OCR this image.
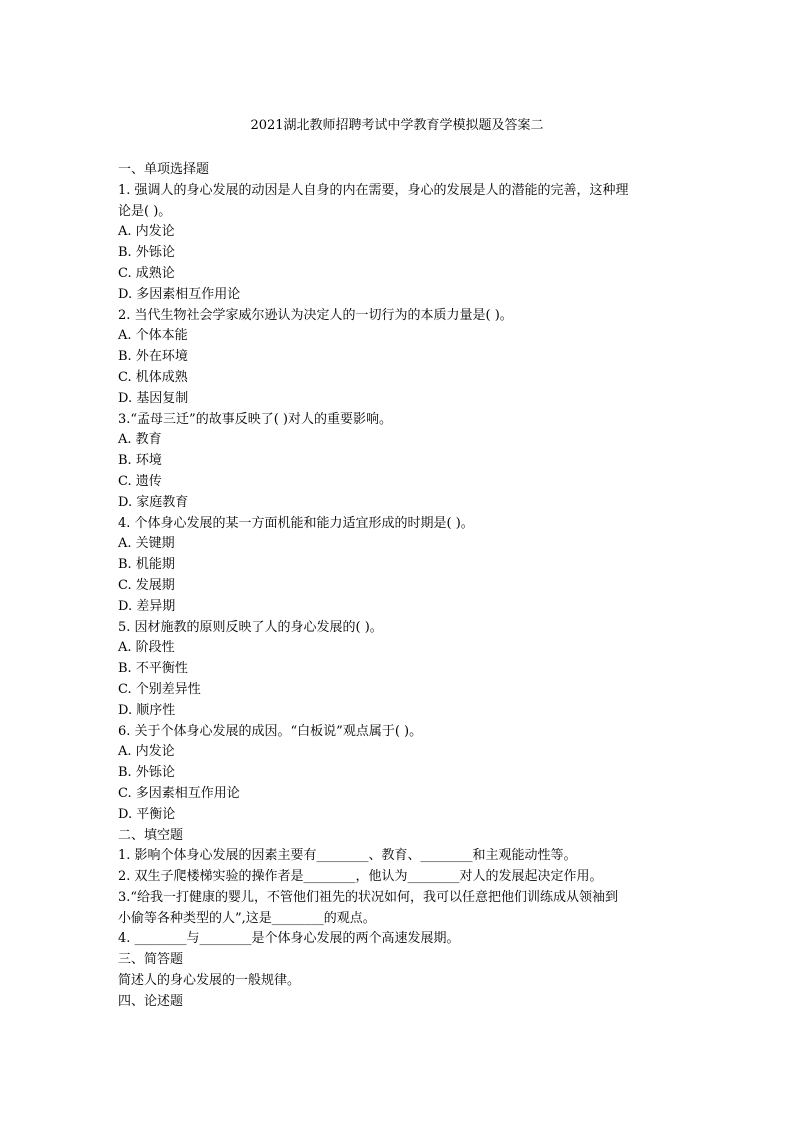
2021湖北教师招聘考试中学教育学模拟题及答案二
一、单项选择题
1. 强调人的身心发展的动因是人自身的内在需要，身心的发展是人的潜能的完善，这种理
论是( )。
A. 内发论
B. 外铄论
C. 成熟论
D. 多因素相互作用论
2. 当代生物社会学家威尔逊认为决定人的一切行为的本质力量是( )。
A. 个体本能
B. 外在环境
C. 机体成熟
D. 基因复制
3.“孟母三迁”的故事反映了( )对人的重要影响。
A. 教育
B. 环境
C. 遗传
D. 家庭教育
4. 个体身心发展的某一方面机能和能力适宜形成的时期是( )。
A. 关键期
B. 机能期
C. 发展期
D. 差异期
5. 因材施教的原则反映了人的身心发展的( )。
A. 阶段性
B. 不平衡性
C. 个别差异性
D. 顺序性
6. 关于个体身心发展的成因。“白板说”观点属于( )。
A. 内发论
B. 外铄论
C. 多因素相互作用论
D. 平衡论
二、填空题
1. 影响个体身心发展的因素主要有________、教育、________和主观能动性等。
2. 双生子爬楼梯实验的操作者是________，他认为________对人的发展起决定作用。
3.“给我一打健康的婴儿，不管他们祖先的状况如何，我可以任意把他们训练成从领袖到
小偷等各种类型的人”,这是________的观点。
4. ________与________是个体身心发展的两个高速发展期。
三、简答题
简述人的身心发展的一般规律。
四、论述题
